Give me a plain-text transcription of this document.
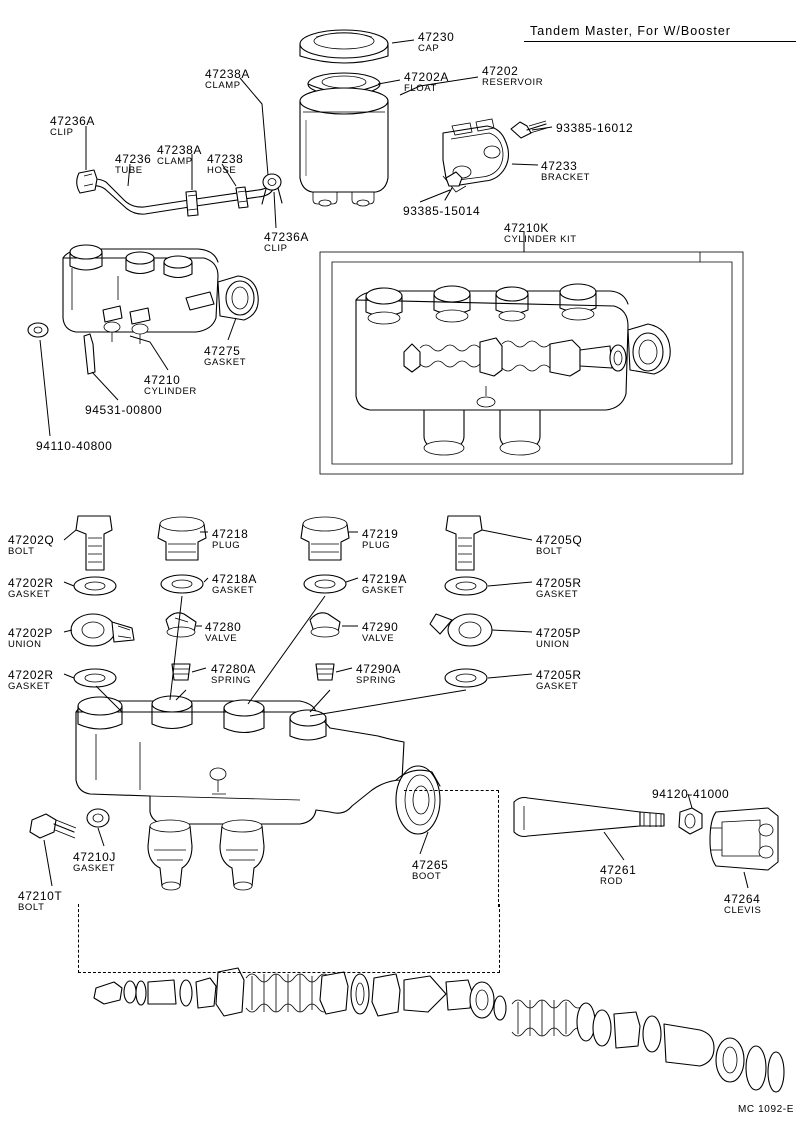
Tandem Master, For W/Booster
47230
CAP
47202A
FLOAT
47202
RESERVOIR
93385-16012
47233
BRACKET
93385-15014
47238A
CLAMP
47238A
CLAMP
47236A
CLIP
47236
TUBE
47238
HOSE
47236A
CLIP
47210K
CYLINDER KIT
47275
GASKET
47210
CYLINDER
94531-00800
94110-40800
47202Q
BOLT
47202R
GASKET
47202P
UNION
47202R
GASKET
47218
PLUG
47218A
GASKET
47280
VALVE
47280A
SPRING
47219
PLUG
47219A
GASKET
47290
VALVE
47290A
SPRING
47205Q
BOLT
47205R
GASKET
47205P
UNION
47205R
GASKET
47210J
GASKET
47210T
BOLT
47265
BOOT
94120-41000
47261
ROD
47264
CLEVIS
MC 1092-E
